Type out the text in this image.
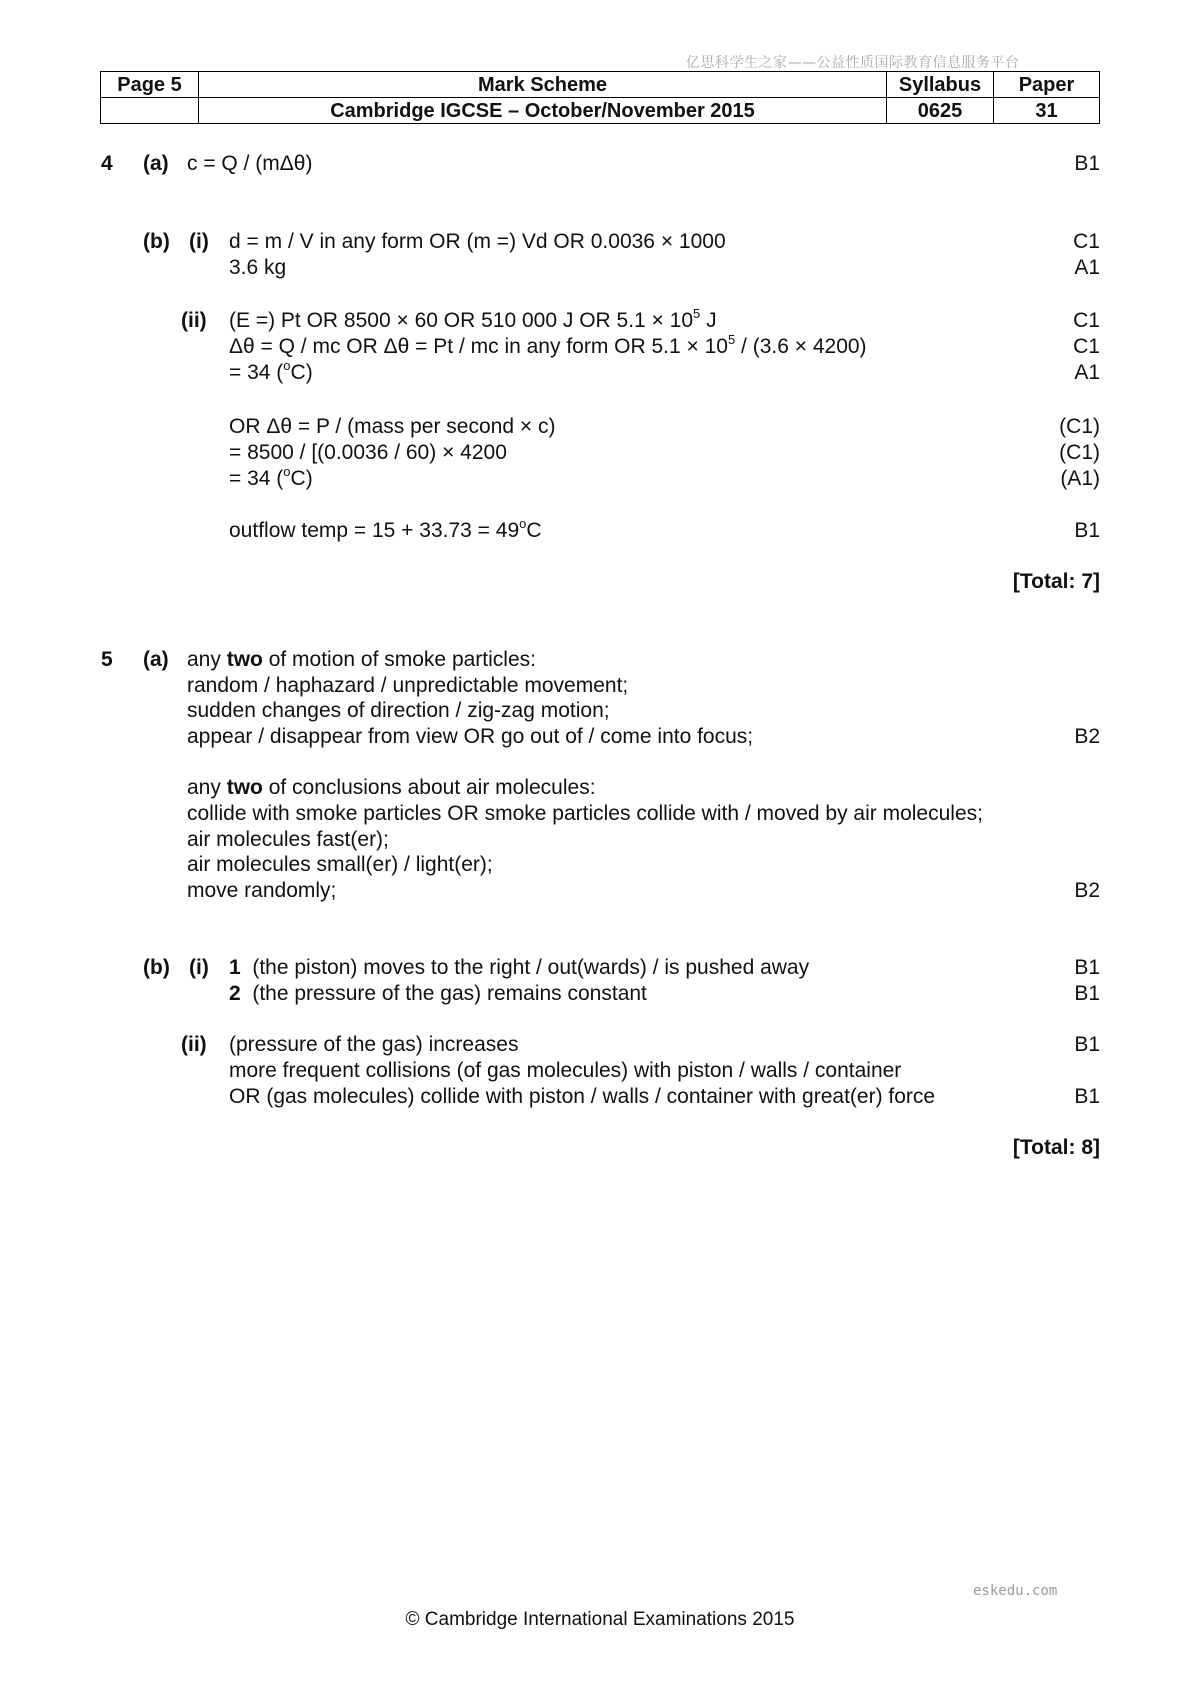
亿思科学生之家——公益性质国际教育信息服务平台
Page 5	Mark Scheme	Syllabus	Paper
	Cambridge IGCSE – October/November 2015	0625	31
4 (a) c = Q / (mΔθ)	B1
(b) (i) d = m / V in any form OR (m =) Vd OR 0.0036 × 1000	C1
3.6 kg	A1
(ii) (E =) Pt OR 8500 × 60 OR 510 000 J OR $5.1 \times 10^5$ J	C1
Δθ = Q / mc OR Δθ = Pt / mc in any form OR $5.1 \times 10^5 / (3.6 \times 4200)$	C1
= 34 ($^o$C)	A1
OR Δθ = P / (mass per second × c)	(C1)
= 8500 / [(0.0036 / 60) × 4200	(C1)
= 34 ($^o$C)	(A1)
outflow temp = $15 + 33.73 = 49^oC$	B1
[Total: 7]
5 (a) any two of motion of smoke particles:
random / haphazard / unpredictable movement;
sudden changes of direction / zig-zag motion;
appear / disappear from view OR go out of / come into focus;	B2
any two of conclusions about air molecules:
collide with smoke particles OR smoke particles collide with / moved by air molecules;
air molecules fast(er);
air molecules small(er) / light(er);
move randomly;	B2
(b) (i) 1 (the piston) moves to the right / out(wards) / is pushed away	B1
2 (the pressure of the gas) remains constant	B1
(ii) (pressure of the gas) increases	B1
more frequent collisions (of gas molecules) with piston / walls / container
OR (gas molecules) collide with piston / walls / container with great(er) force	B1
[Total: 8]
eskedu.com
© Cambridge International Examinations 2015
